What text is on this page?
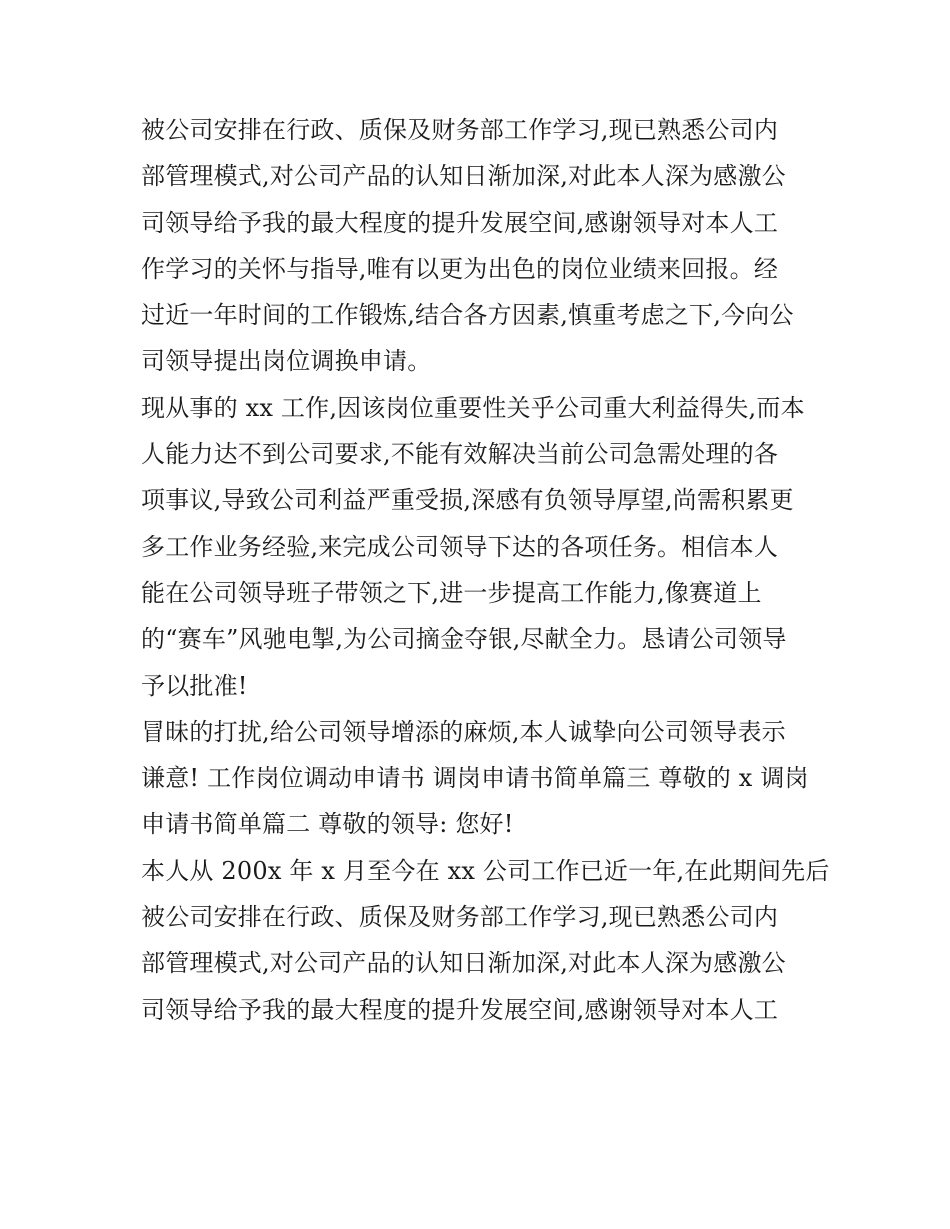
被公司安排在行政、质保及财务部工作学习,现已熟悉公司内
部管理模式,对公司产品的认知日渐加深,对此本人深为感激公
司领导给予我的最大程度的提升发展空间,感谢领导对本人工
作学习的关怀与指导,唯有以更为出色的岗位业绩来回报。经
过近一年时间的工作锻炼,结合各方因素,慎重考虑之下,今向公
司领导提出岗位调换申请。
现从事的 xx 工作,因该岗位重要性关乎公司重大利益得失,而本
人能力达不到公司要求,不能有效解决当前公司急需处理的各
项事议,导致公司利益严重受损,深感有负领导厚望,尚需积累更
多工作业务经验,来完成公司领导下达的各项任务。相信本人
能在公司领导班子带领之下,进一步提高工作能力,像赛道上
的“赛车”风驰电掣,为公司摘金夺银,尽献全力。恳请公司领导
予以批准!
冒昧的打扰,给公司领导增添的麻烦,本人诚挚向公司领导表示
谦意! 工作岗位调动申请书 调岗申请书简单篇三 尊敬的 x 调岗
申请书简单篇二 尊敬的领导: 您好!
本人从 200x 年 x 月至今在 xx 公司工作已近一年,在此期间先后
被公司安排在行政、质保及财务部工作学习,现已熟悉公司内
部管理模式,对公司产品的认知日渐加深,对此本人深为感激公
司领导给予我的最大程度的提升发展空间,感谢领导对本人工
